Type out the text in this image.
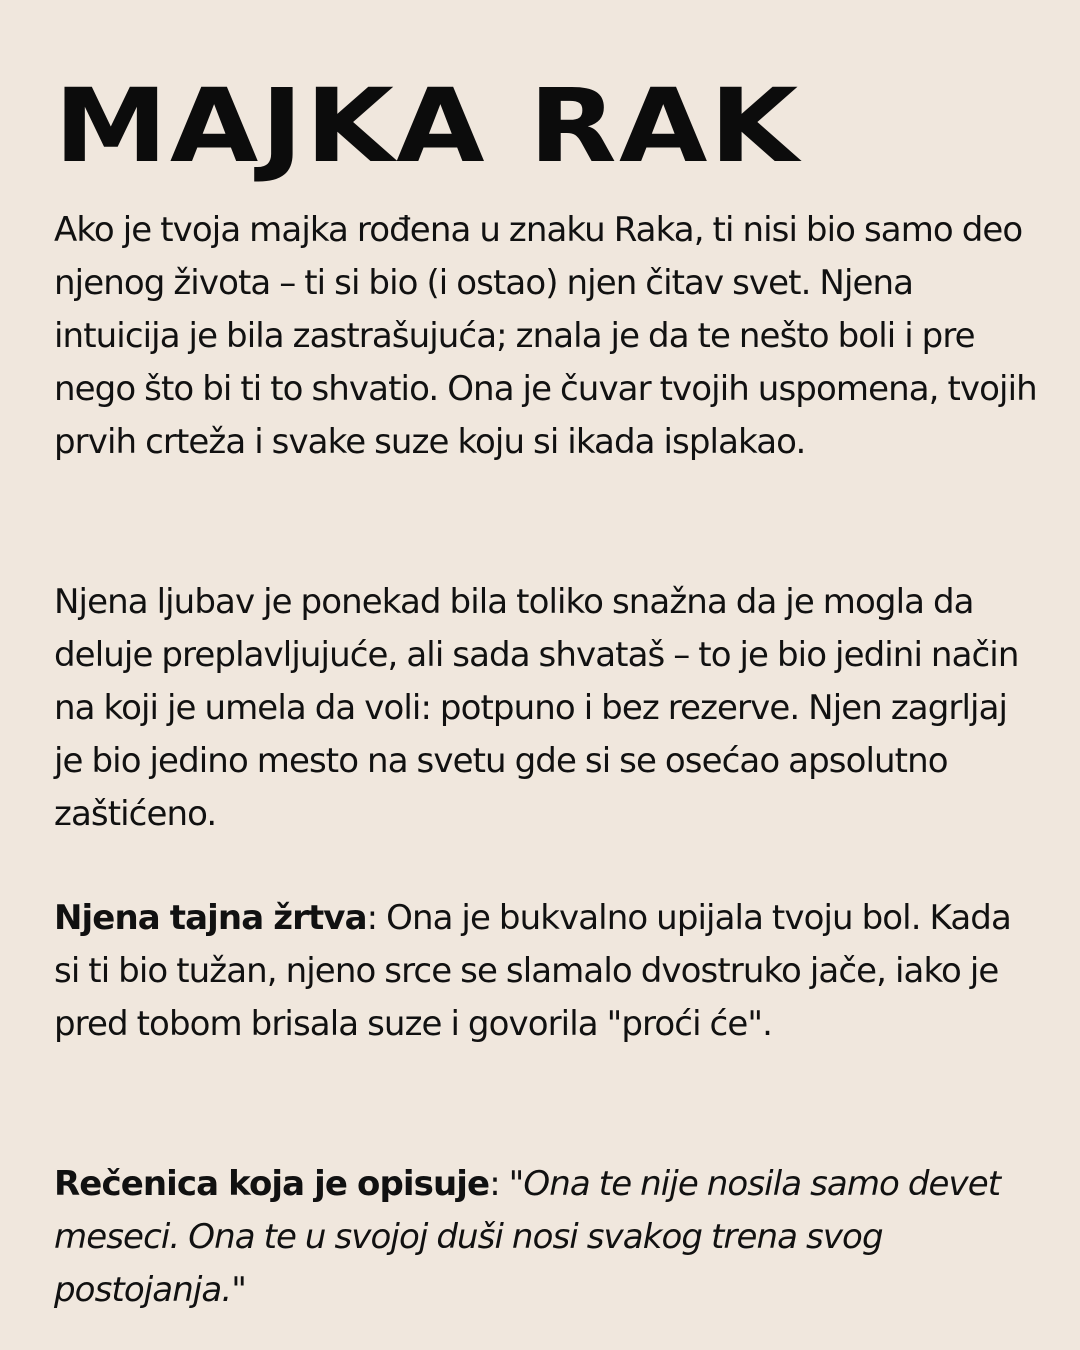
MAJKA RAK

Ako je tvoja majka rođena u znaku Raka, ti nisi bio samo deo njenog života – ti si bio (i ostao) njen čitav svet. Njena intuicija je bila zastrašujuća; znala je da te nešto boli i pre nego što bi ti to shvatio. Ona je čuvar tvojih uspomena, tvojih prvih crteža i svake suze koju si ikada isplakao.

Njena ljubav je ponekad bila toliko snažna da je mogla da deluje preplavljujuće, ali sada shvataš – to je bio jedini način na koji je umela da voli: potpuno i bez rezerve. Njen zagrljaj je bio jedino mesto na svetu gde si se osećao apsolutno zaštićeno.

Njena tajna žrtva: Ona je bukvalno upijala tvoju bol. Kada si ti bio tužan, njeno srce se slamalo dvostruko jače, iako je pred tobom brisala suze i govorila "proći će".

Rečenica koja je opisuje: "Ona te nije nosila samo devet meseci. Ona te u svojoj duši nosi svakog trena svog postojanja."
